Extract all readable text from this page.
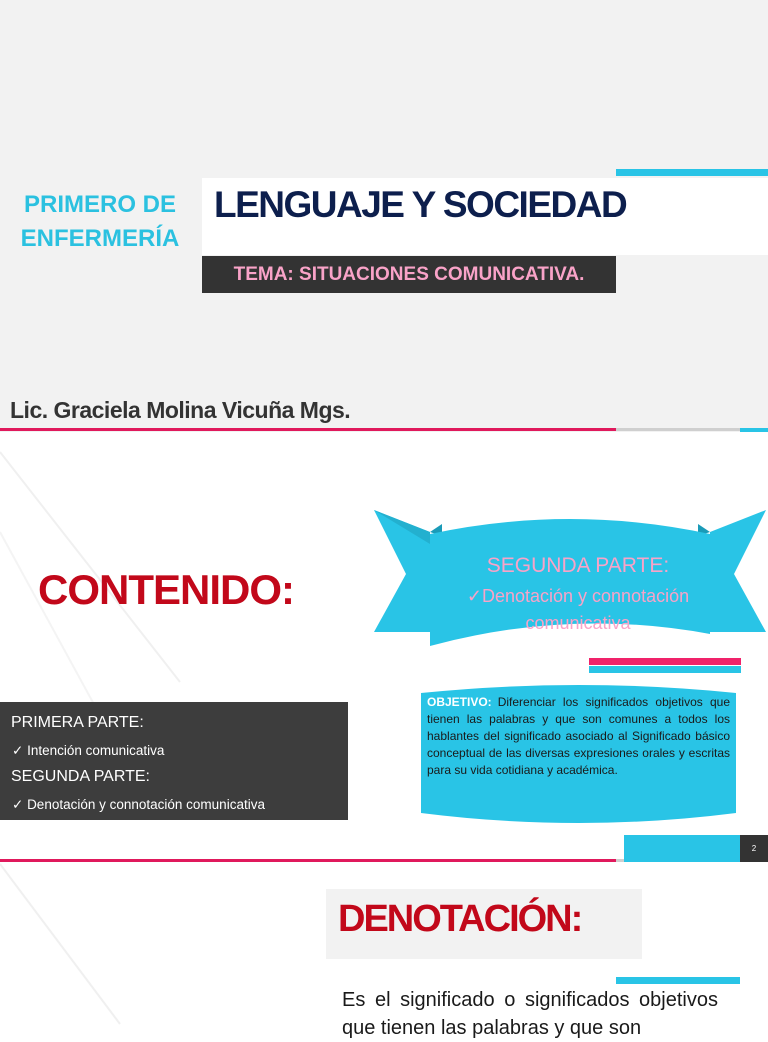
PRIMERO DE
ENFERMERÍA
LENGUAJE Y SOCIEDAD
TEMA: SITUACIONES COMUNICATIVA.
Lic. Graciela Molina Vicuña Mgs.
CONTENIDO:
SEGUNDA PARTE:
✓Denotación y connotación comunicativa
PRIMERA PARTE:
✓ Intención comunicativa
SEGUNDA PARTE:
✓ Denotación y connotación comunicativa
OBJETIVO: Diferenciar los significados objetivos que tienen las palabras y que son comunes a todos los hablantes del significado asociado al Significado básico conceptual de las diversas expresiones orales y escritas para su vida cotidiana y académica.
2
DENOTACIÓN:
Es el significado o significados objetivos que tienen las palabras y que son
